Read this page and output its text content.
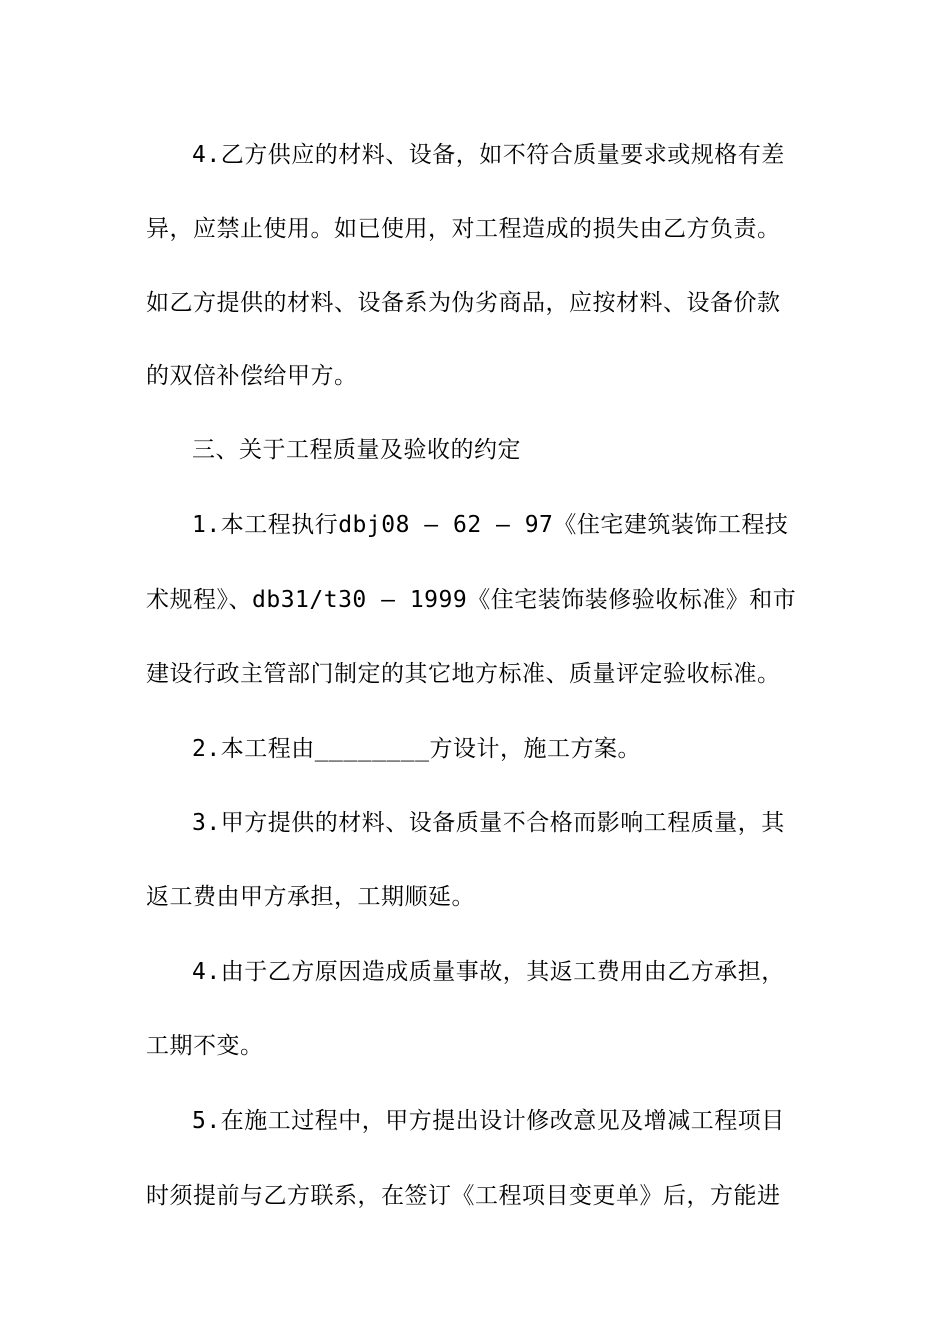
4.乙方供应的材料、设备，如不符合质量要求或规格有差
异，应禁止使用。如已使用，对工程造成的损失由乙方负责。
如乙方提供的材料、设备系为伪劣商品，应按材料、设备价款
的双倍补偿给甲方。
三、关于工程质量及验收的约定
1.本工程执行dbj08 – 62 – 97《住宅建筑装饰工程技
术规程》、db31/t30 – 1999《住宅装饰装修验收标准》和市
建设行政主管部门制定的其它地方标准、质量评定验收标准。
2.本工程由________方设计，施工方案。
3.甲方提供的材料、设备质量不合格而影响工程质量，其
返工费由甲方承担，工期顺延。
4.由于乙方原因造成质量事故，其返工费用由乙方承担，
工期不变。
5.在施工过程中，甲方提出设计修改意见及增减工程项目
时须提前与乙方联系，在签订《工程项目变更单》后，方能进
